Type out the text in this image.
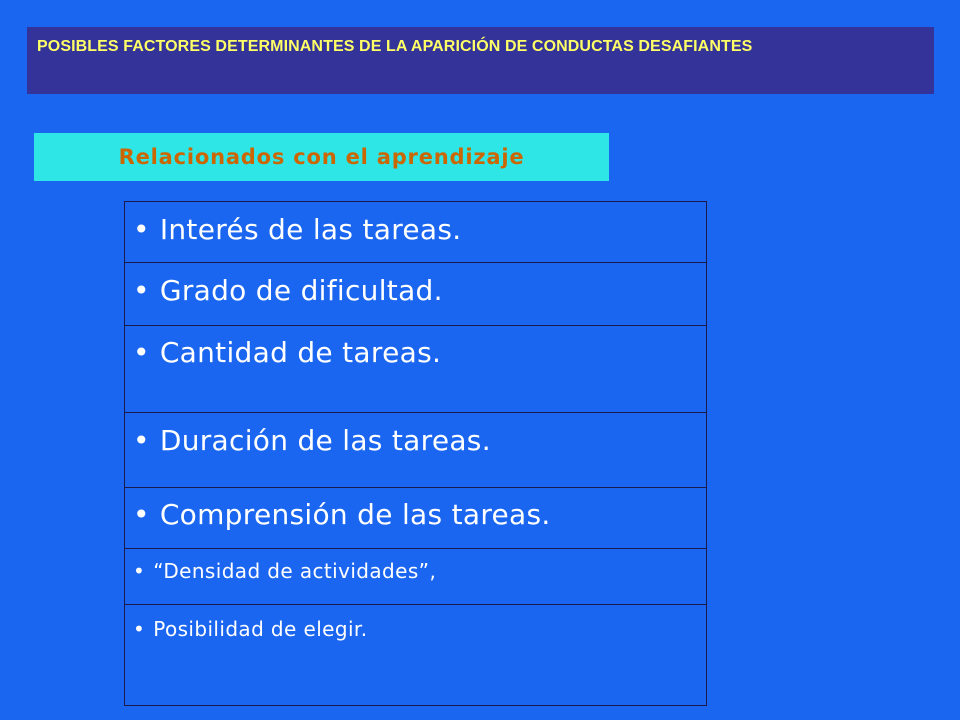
POSIBLES FACTORES DETERMINANTES DE LA APARICIÓN DE CONDUCTAS DESAFIANTES
Relacionados con el aprendizaje
• Interés de las tareas.
• Grado de dificultad.
• Cantidad de tareas.
• Duración de las tareas.
• Comprensión de las tareas.
• “Densidad de actividades”,
• Posibilidad de elegir.
